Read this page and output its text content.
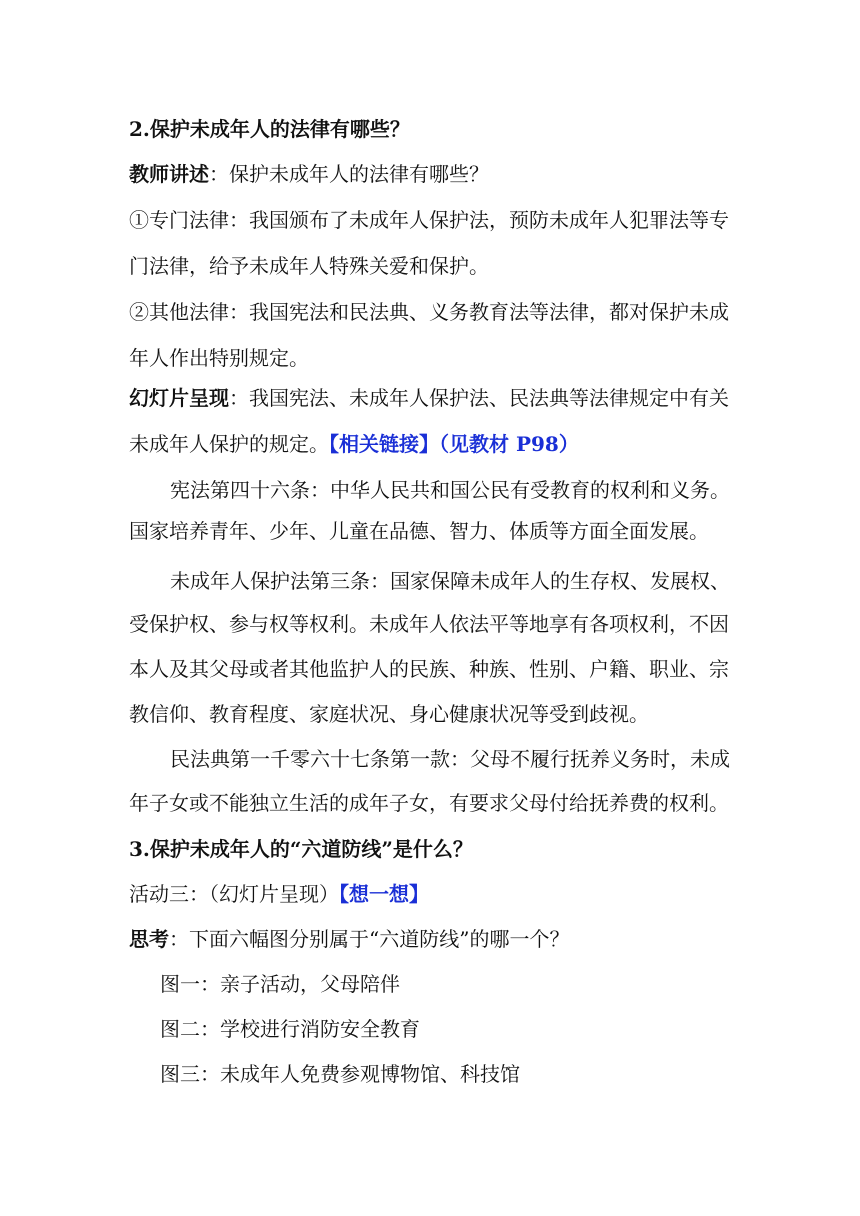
2.保护未成年人的法律有哪些？
教师讲述：保护未成年人的法律有哪些？
①专门法律：我国颁布了未成年人保护法，预防未成年人犯罪法等专
门法律，给予未成年人特殊关爱和保护。
②其他法律：我国宪法和民法典、义务教育法等法律，都对保护未成
年人作出特别规定。
幻灯片呈现：我国宪法、未成年人保护法、民法典等法律规定中有关
未成年人保护的规定。【相关链接】（见教材 P98）
宪法第四十六条：中华人民共和国公民有受教育的权利和义务。
国家培养青年、少年、儿童在品德、智力、体质等方面全面发展。
未成年人保护法第三条：国家保障未成年人的生存权、发展权、
受保护权、参与权等权利。未成年人依法平等地享有各项权利，不因
本人及其父母或者其他监护人的民族、种族、性别、户籍、职业、宗
教信仰、教育程度、家庭状况、身心健康状况等受到歧视。
民法典第一千零六十七条第一款：父母不履行抚养义务时，未成
年子女或不能独立生活的成年子女，有要求父母付给抚养费的权利。
3.保护未成年人的“六道防线”是什么？
活动三：（幻灯片呈现）【想一想】
思考：下面六幅图分别属于“六道防线”的哪一个？
图一：亲子活动，父母陪伴
图二：学校进行消防安全教育
图三：未成年人免费参观博物馆、科技馆
